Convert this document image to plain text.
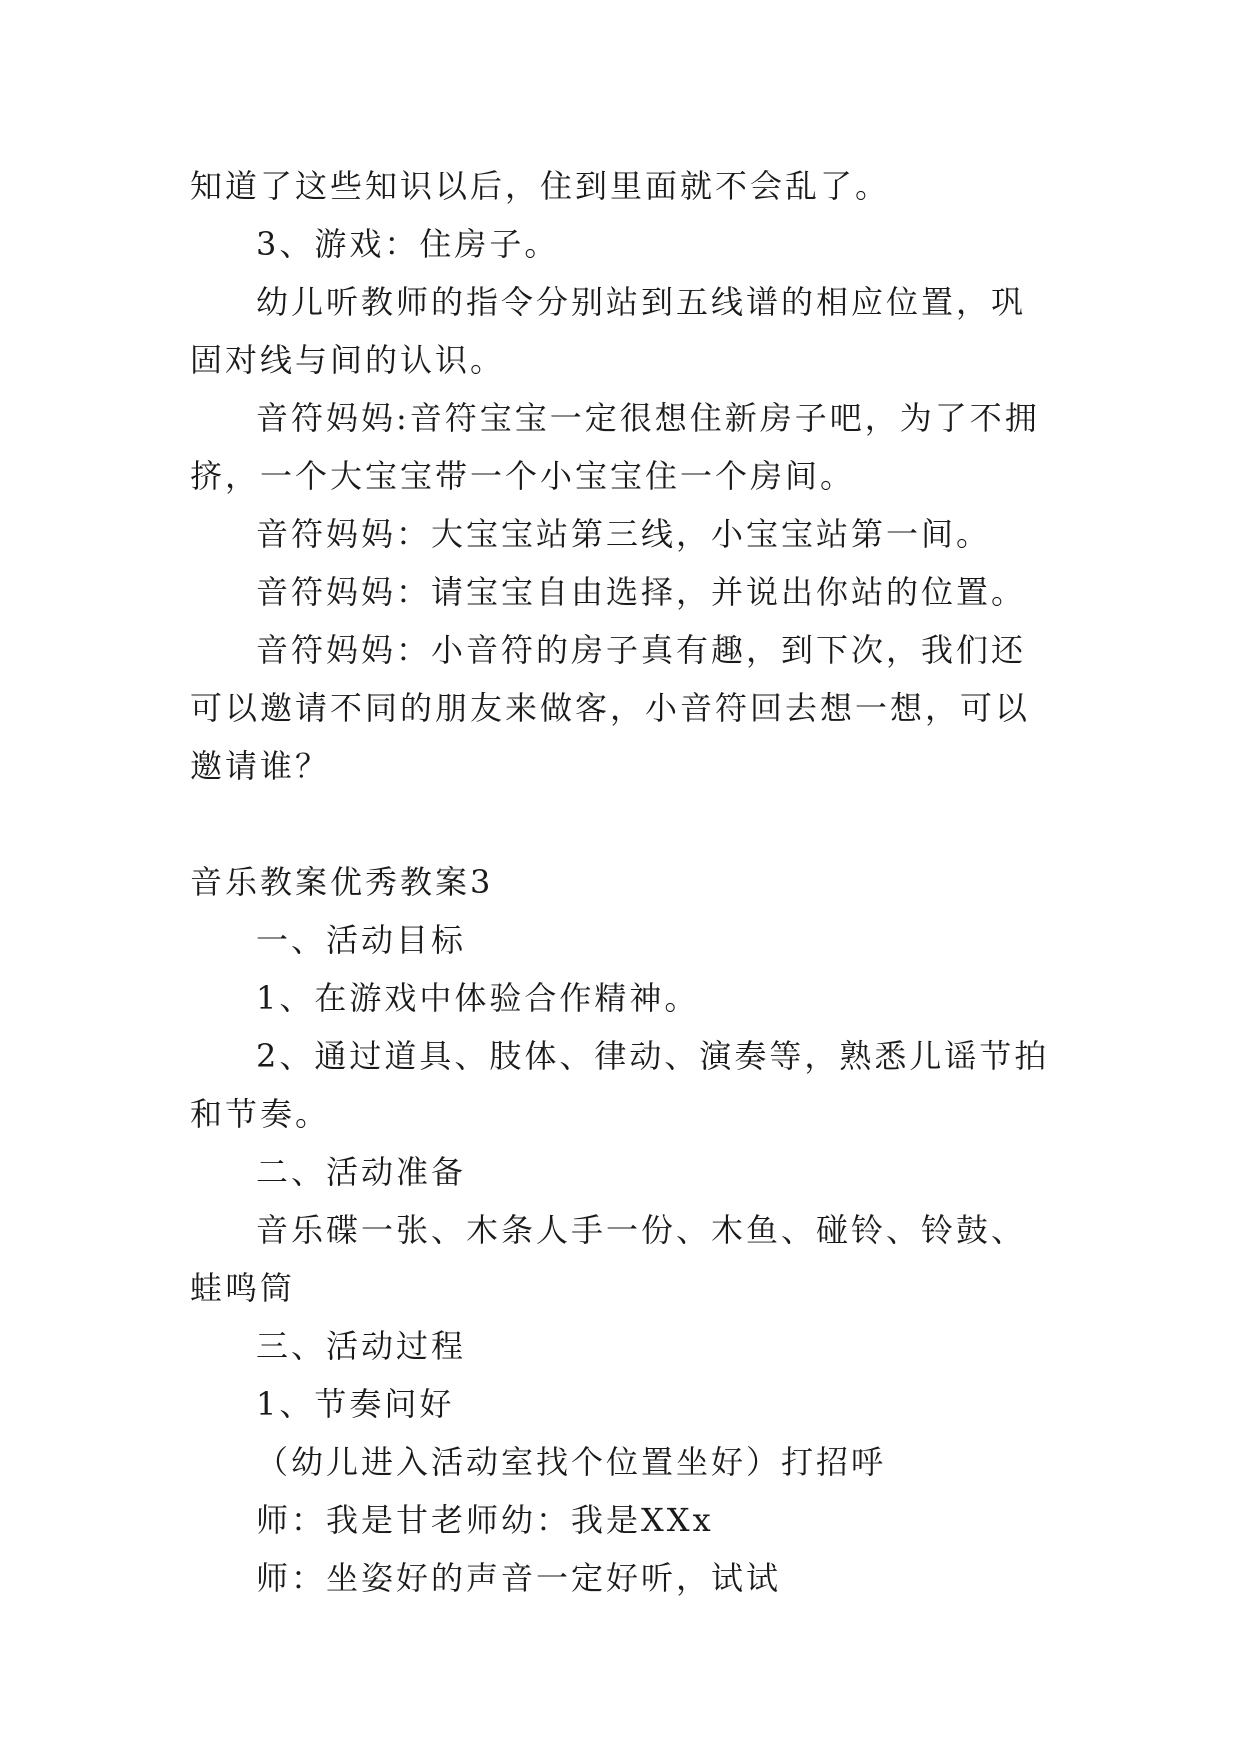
知道了这些知识以后，住到里面就不会乱了。

3、游戏：住房子。

幼儿听教师的指令分别站到五线谱的相应位置，巩固对线与间的认识。

音符妈妈:音符宝宝一定很想住新房子吧，为了不拥挤，一个大宝宝带一个小宝宝住一个房间。

音符妈妈：大宝宝站第三线，小宝宝站第一间。

音符妈妈：请宝宝自由选择，并说出你站的位置。

音符妈妈：小音符的房子真有趣，到下次，我们还可以邀请不同的朋友来做客，小音符回去想一想，可以邀请谁？

音乐教案优秀教案3

一、活动目标

1、在游戏中体验合作精神。

2、通过道具、肢体、律动、演奏等，熟悉儿谣节拍和节奏。

二、活动准备

音乐碟一张、木条人手一份、木鱼、碰铃、铃鼓、蛙鸣筒

三、活动过程

1、节奏问好

（幼儿进入活动室找个位置坐好）打招呼

师：我是甘老师幼：我是XXx

师：坐姿好的声音一定好听，试试
